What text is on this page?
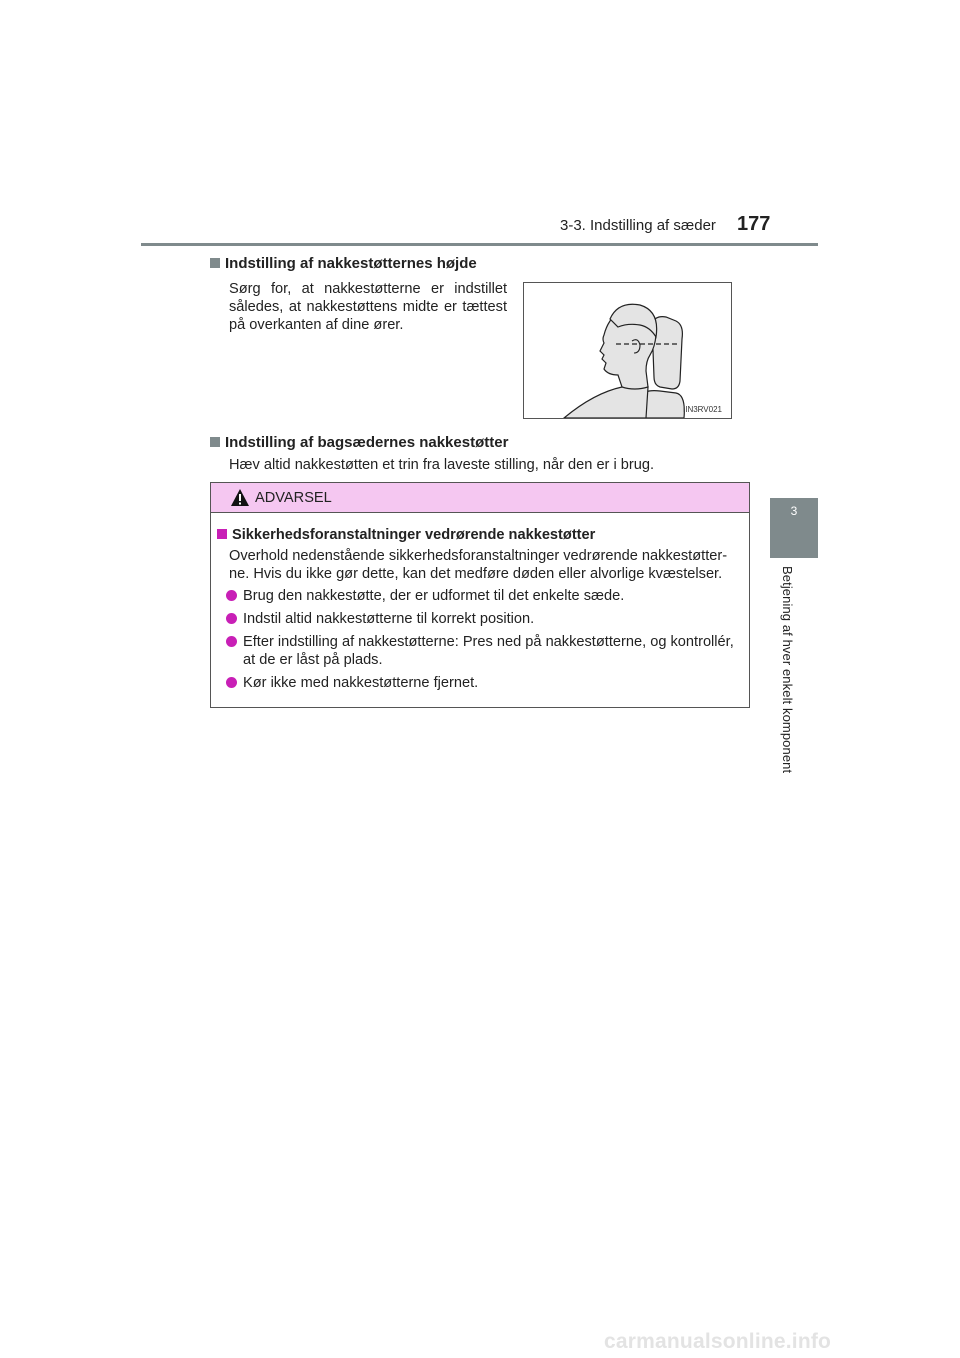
3-3. Indstilling af sæder 177
3
Betjening af hver enkelt komponent
Indstilling af nakkestøtternes højde
Sørg for, at nakkestøtterne er indstillet således, at nakkestøttens midte er tættest på overkanten af dine ører.
IIN3RV021
Indstilling af bagsædernes nakkestøtter
Hæv altid nakkestøtten et trin fra laveste stilling, når den er i brug.
ADVARSEL
Sikkerhedsforanstaltninger vedrørende nakkestøtter
Overhold nedenstående sikkerhedsforanstaltninger vedrørende nakkestøtter-ne. Hvis du ikke gør dette, kan det medføre døden eller alvorlige kvæstelser.
Brug den nakkestøtte, der er udformet til det enkelte sæde.
Indstil altid nakkestøtterne til korrekt position.
Efter indstilling af nakkestøtterne: Pres ned på nakkestøtterne, og kontrollér, at de er låst på plads.
Kør ikke med nakkestøtterne fjernet.
carmanualsonline.info
